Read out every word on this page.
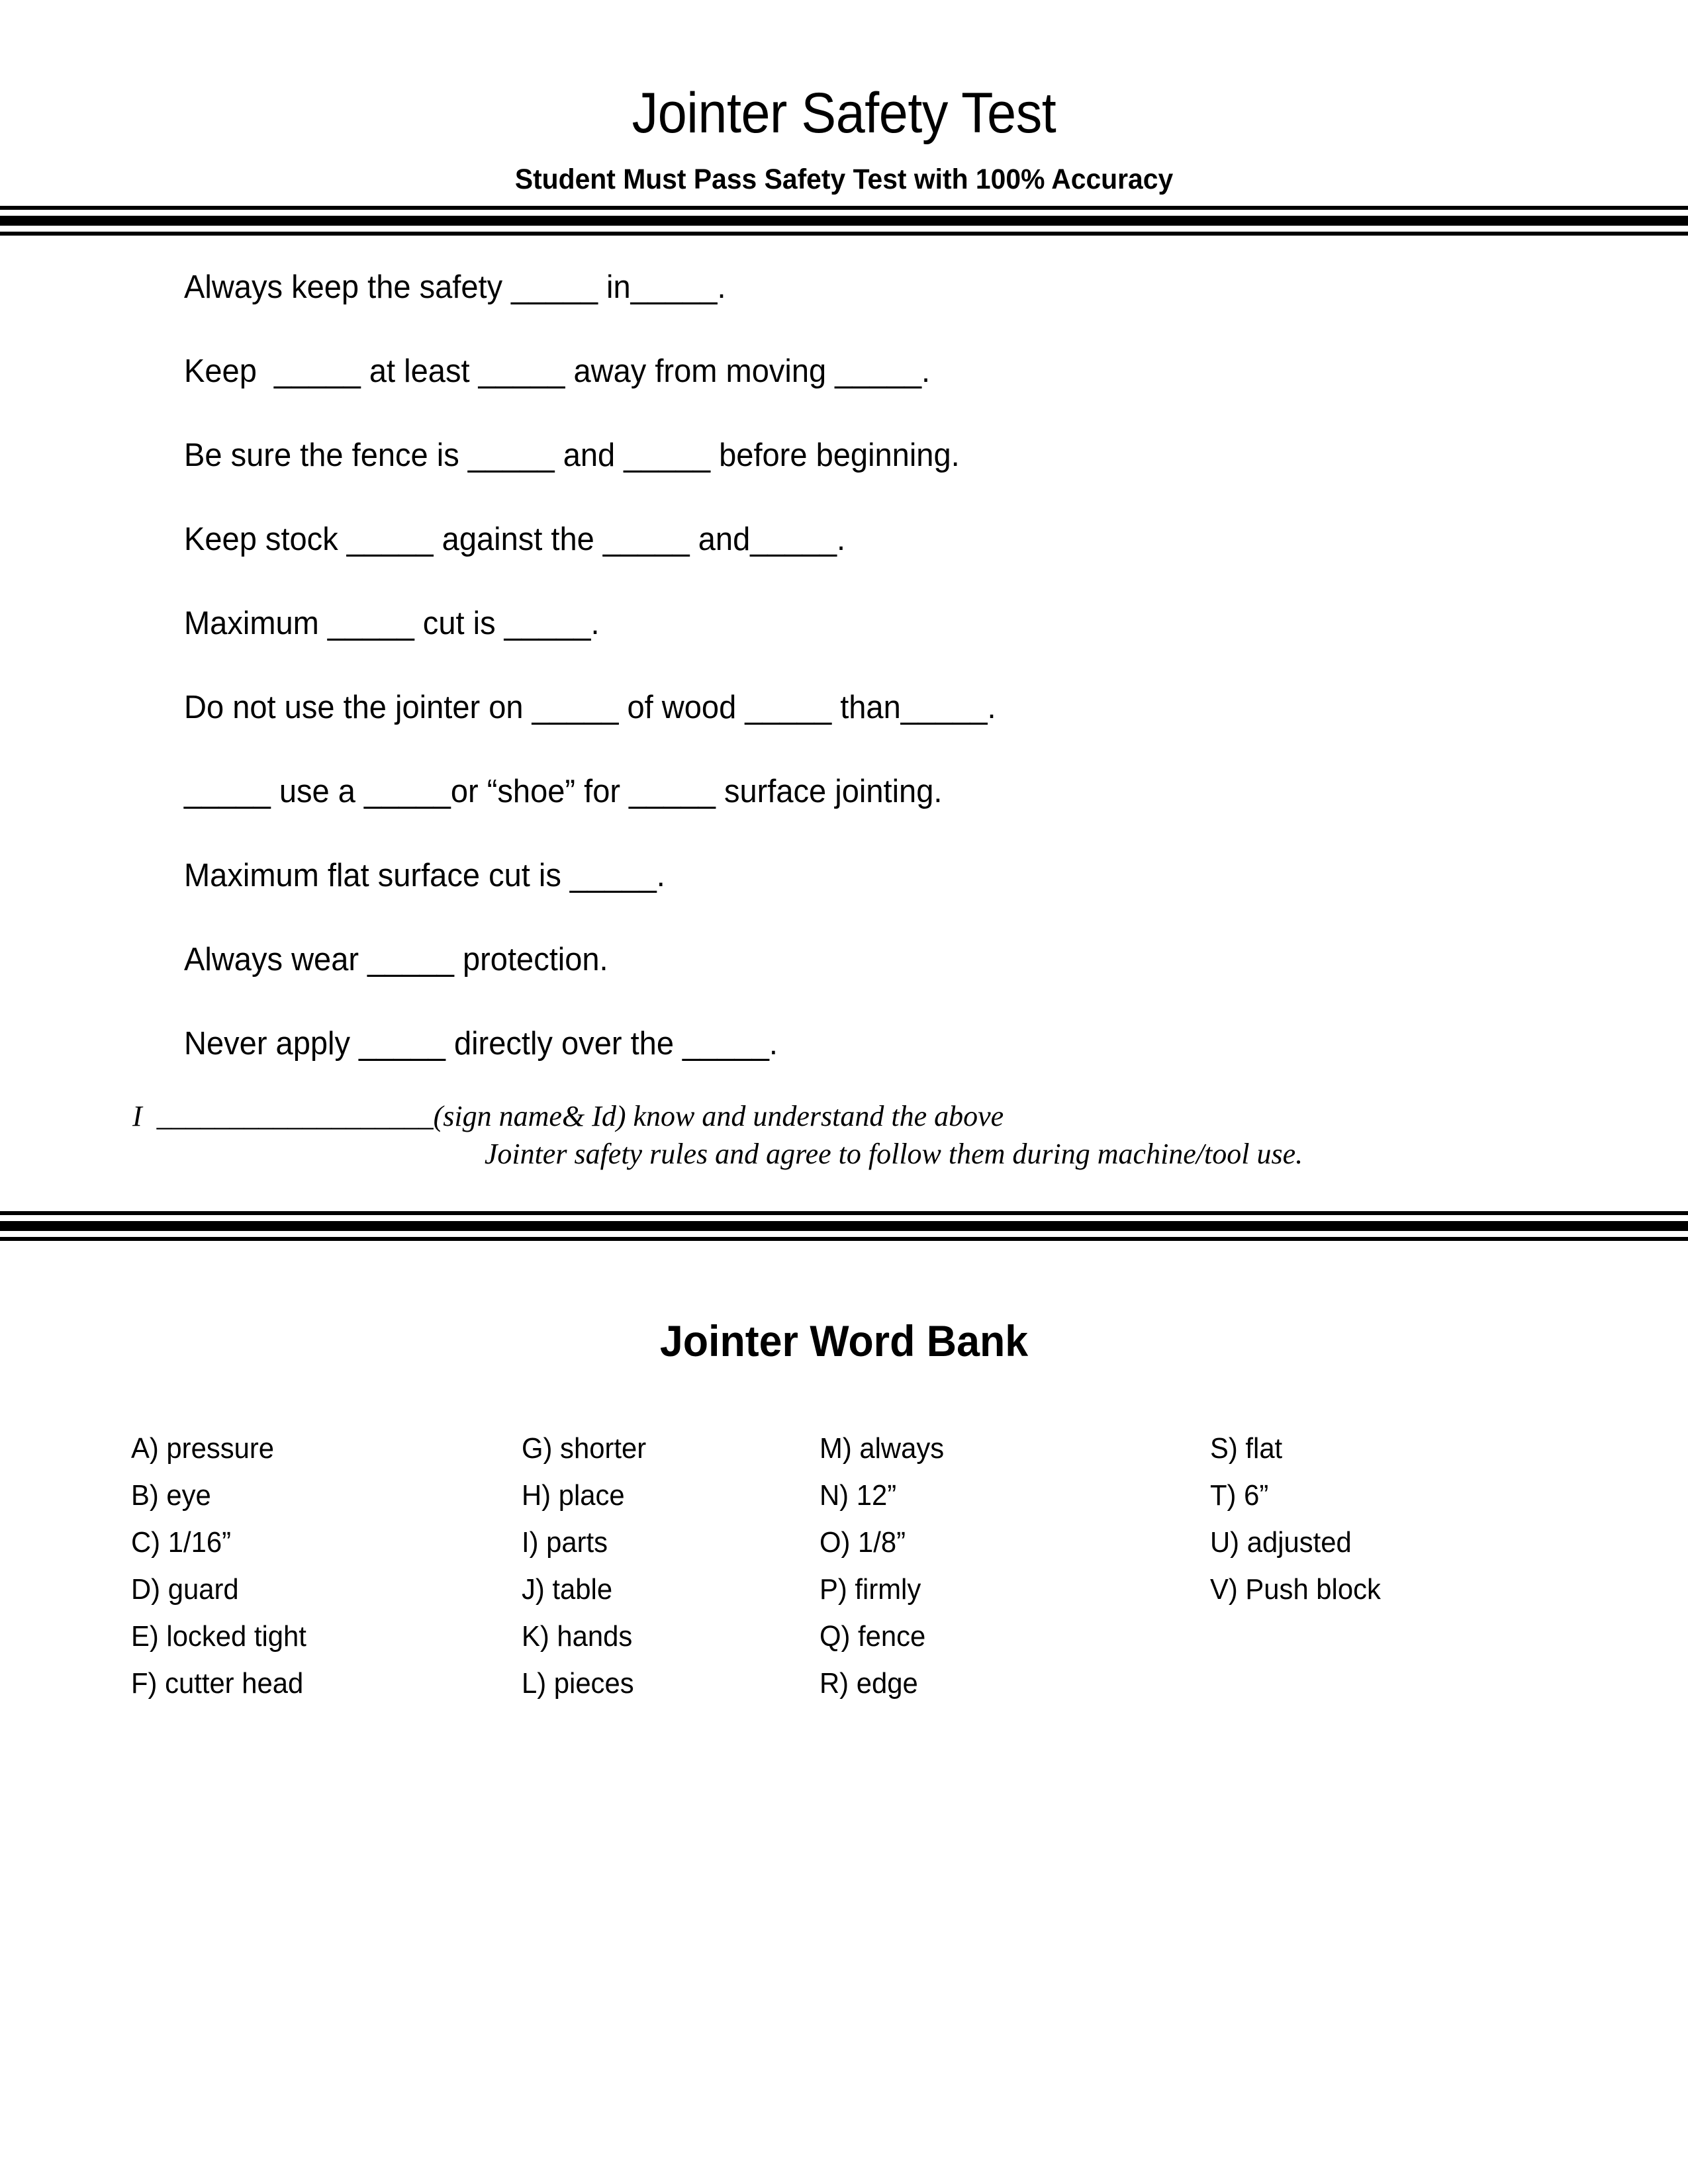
Jointer Safety Test
Student Must Pass Safety Test with 100% Accuracy
Always keep the safety _____ in_____.
Keep  _____ at least _____ away from moving _____.
Be sure the fence is _____ and _____ before beginning.
Keep stock _____ against the _____ and_____.
Maximum _____ cut is _____.
Do not use the jointer on _____ of wood _____ than_____.
_____ use a _____or “shoe” for _____ surface jointing.
Maximum flat surface cut is _____.
Always wear _____ protection.
Never apply _____ directly over the _____.
I  ___________________(sign name& Id) know and understand the above
Jointer safety rules and agree to follow them during machine/tool use.
Jointer Word Bank
A) pressure
B) eye
C) 1/16”
D) guard
E) locked tight
F) cutter head
G) shorter
H) place
I) parts
J) table
K) hands
L) pieces
M) always
N) 12”
O) 1/8”
P) firmly
Q) fence
R) edge
S) flat
T) 6”
U) adjusted
V) Push block
